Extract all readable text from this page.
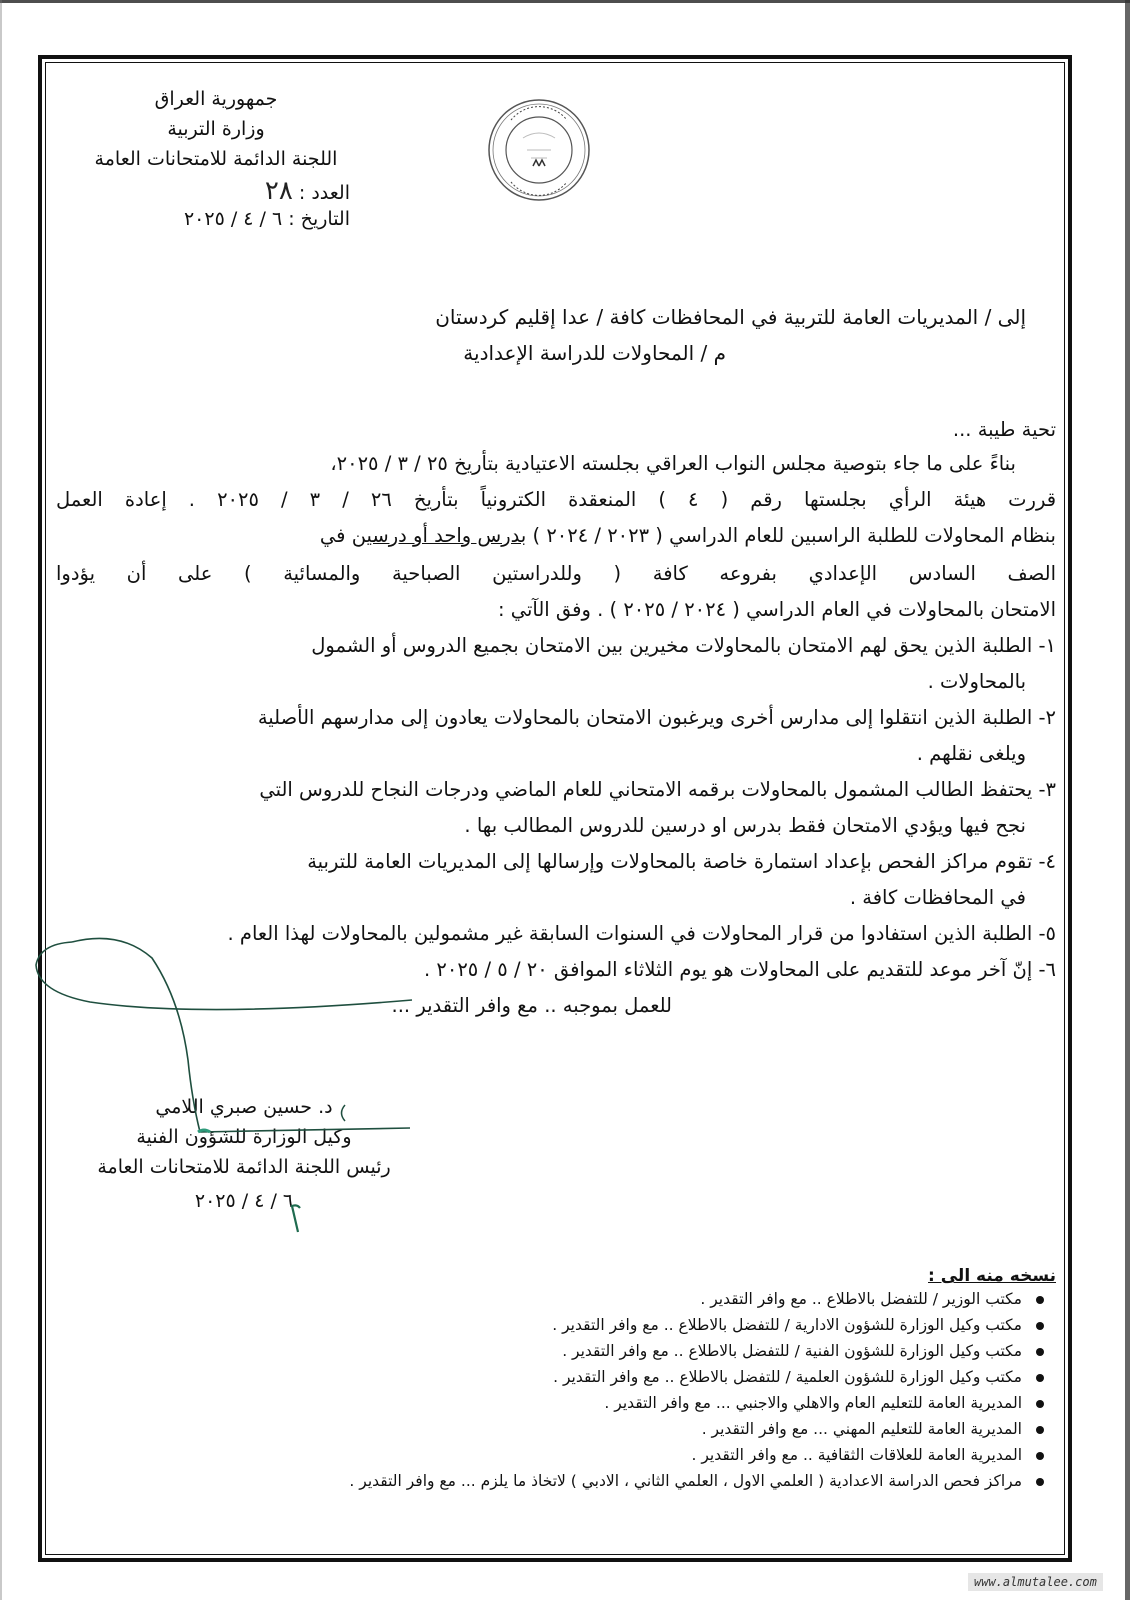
جمهورية العراق
وزارة التربية
اللجنة الدائمة للامتحانات العامة
العدد : ٢٨
التاريخ : ٦ / ٤ / ٢٠٢٥
إلى / المديريات العامة للتربية في المحافظات كافة / عدا إقليم كردستان
م / المحاولات للدراسة الإعدادية
تحية طيبة ...
بناءً على ما جاء بتوصية مجلس النواب العراقي بجلسته الاعتيادية بتأريخ ٢٥ / ٣ / ٢٠٢٥،
قررت هيئة الرأي بجلستها رقم ( ٤ ) المنعقدة الكترونياً بتأريخ ٢٦ / ٣ / ٢٠٢٥ . إعادة العمل
بنظام المحاولات للطلبة الراسبين للعام الدراسي ( ٢٠٢٣ / ٢٠٢٤ ) بدرس واحد أو درسين في
الصف السادس الإعدادي بفروعه كافة ( وللدراستين الصباحية والمسائية ) على أن يؤدوا
الامتحان بالمحاولات في العام الدراسي ( ٢٠٢٤ / ٢٠٢٥ ) . وفق الآتي :
١- الطلبة الذين يحق لهم الامتحان بالمحاولات مخيرين بين الامتحان بجميع الدروس أو الشمول
بالمحاولات .
٢- الطلبة الذين انتقلوا إلى مدارس أخرى ويرغبون الامتحان بالمحاولات يعادون إلى مدارسهم الأصلية
ويلغى نقلهم .
٣- يحتفظ الطالب المشمول بالمحاولات برقمه الامتحاني للعام الماضي ودرجات النجاح للدروس التي
نجح فيها ويؤدي الامتحان فقط بدرس او درسين للدروس المطالب بها .
٤- تقوم مراكز الفحص بإعداد استمارة خاصة بالمحاولات وإرسالها إلى المديريات العامة للتربية
في المحافظات كافة .
٥- الطلبة الذين استفادوا من قرار المحاولات في السنوات السابقة غير مشمولين بالمحاولات لهذا العام .
٦- إنّ آخر موعد للتقديم على المحاولات هو يوم الثلاثاء الموافق ٢٠ / ٥ / ٢٠٢٥ .
للعمل بموجبه .. مع وافر التقدير ...
د. حسين صبري اللامي
وكيل الوزارة للشؤون الفنية
رئيس اللجنة الدائمة للامتحانات العامة
٦ / ٤ / ٢٠٢٥
نسخه منه الى :
مكتب الوزير / للتفضل بالاطلاع .. مع وافر التقدير .
مكتب وكيل الوزارة للشؤون الادارية / للتفضل بالاطلاع .. مع وافر التقدير .
مكتب وكيل الوزارة للشؤون الفنية / للتفضل بالاطلاع .. مع وافر التقدير .
مكتب وكيل الوزارة للشؤون العلمية / للتفضل بالاطلاع .. مع وافر التقدير .
المديرية العامة للتعليم العام والاهلي والاجنبي ... مع وافر التقدير .
المديرية العامة للتعليم المهني ... مع وافر التقدير .
المديرية العامة للعلاقات الثقافية .. مع وافر التقدير .
مراكز فحص الدراسة الاعدادية ( العلمي الاول ، العلمي الثاني ، الادبي ) لاتخاذ ما يلزم ... مع وافر التقدير .
www.almutalee.com
